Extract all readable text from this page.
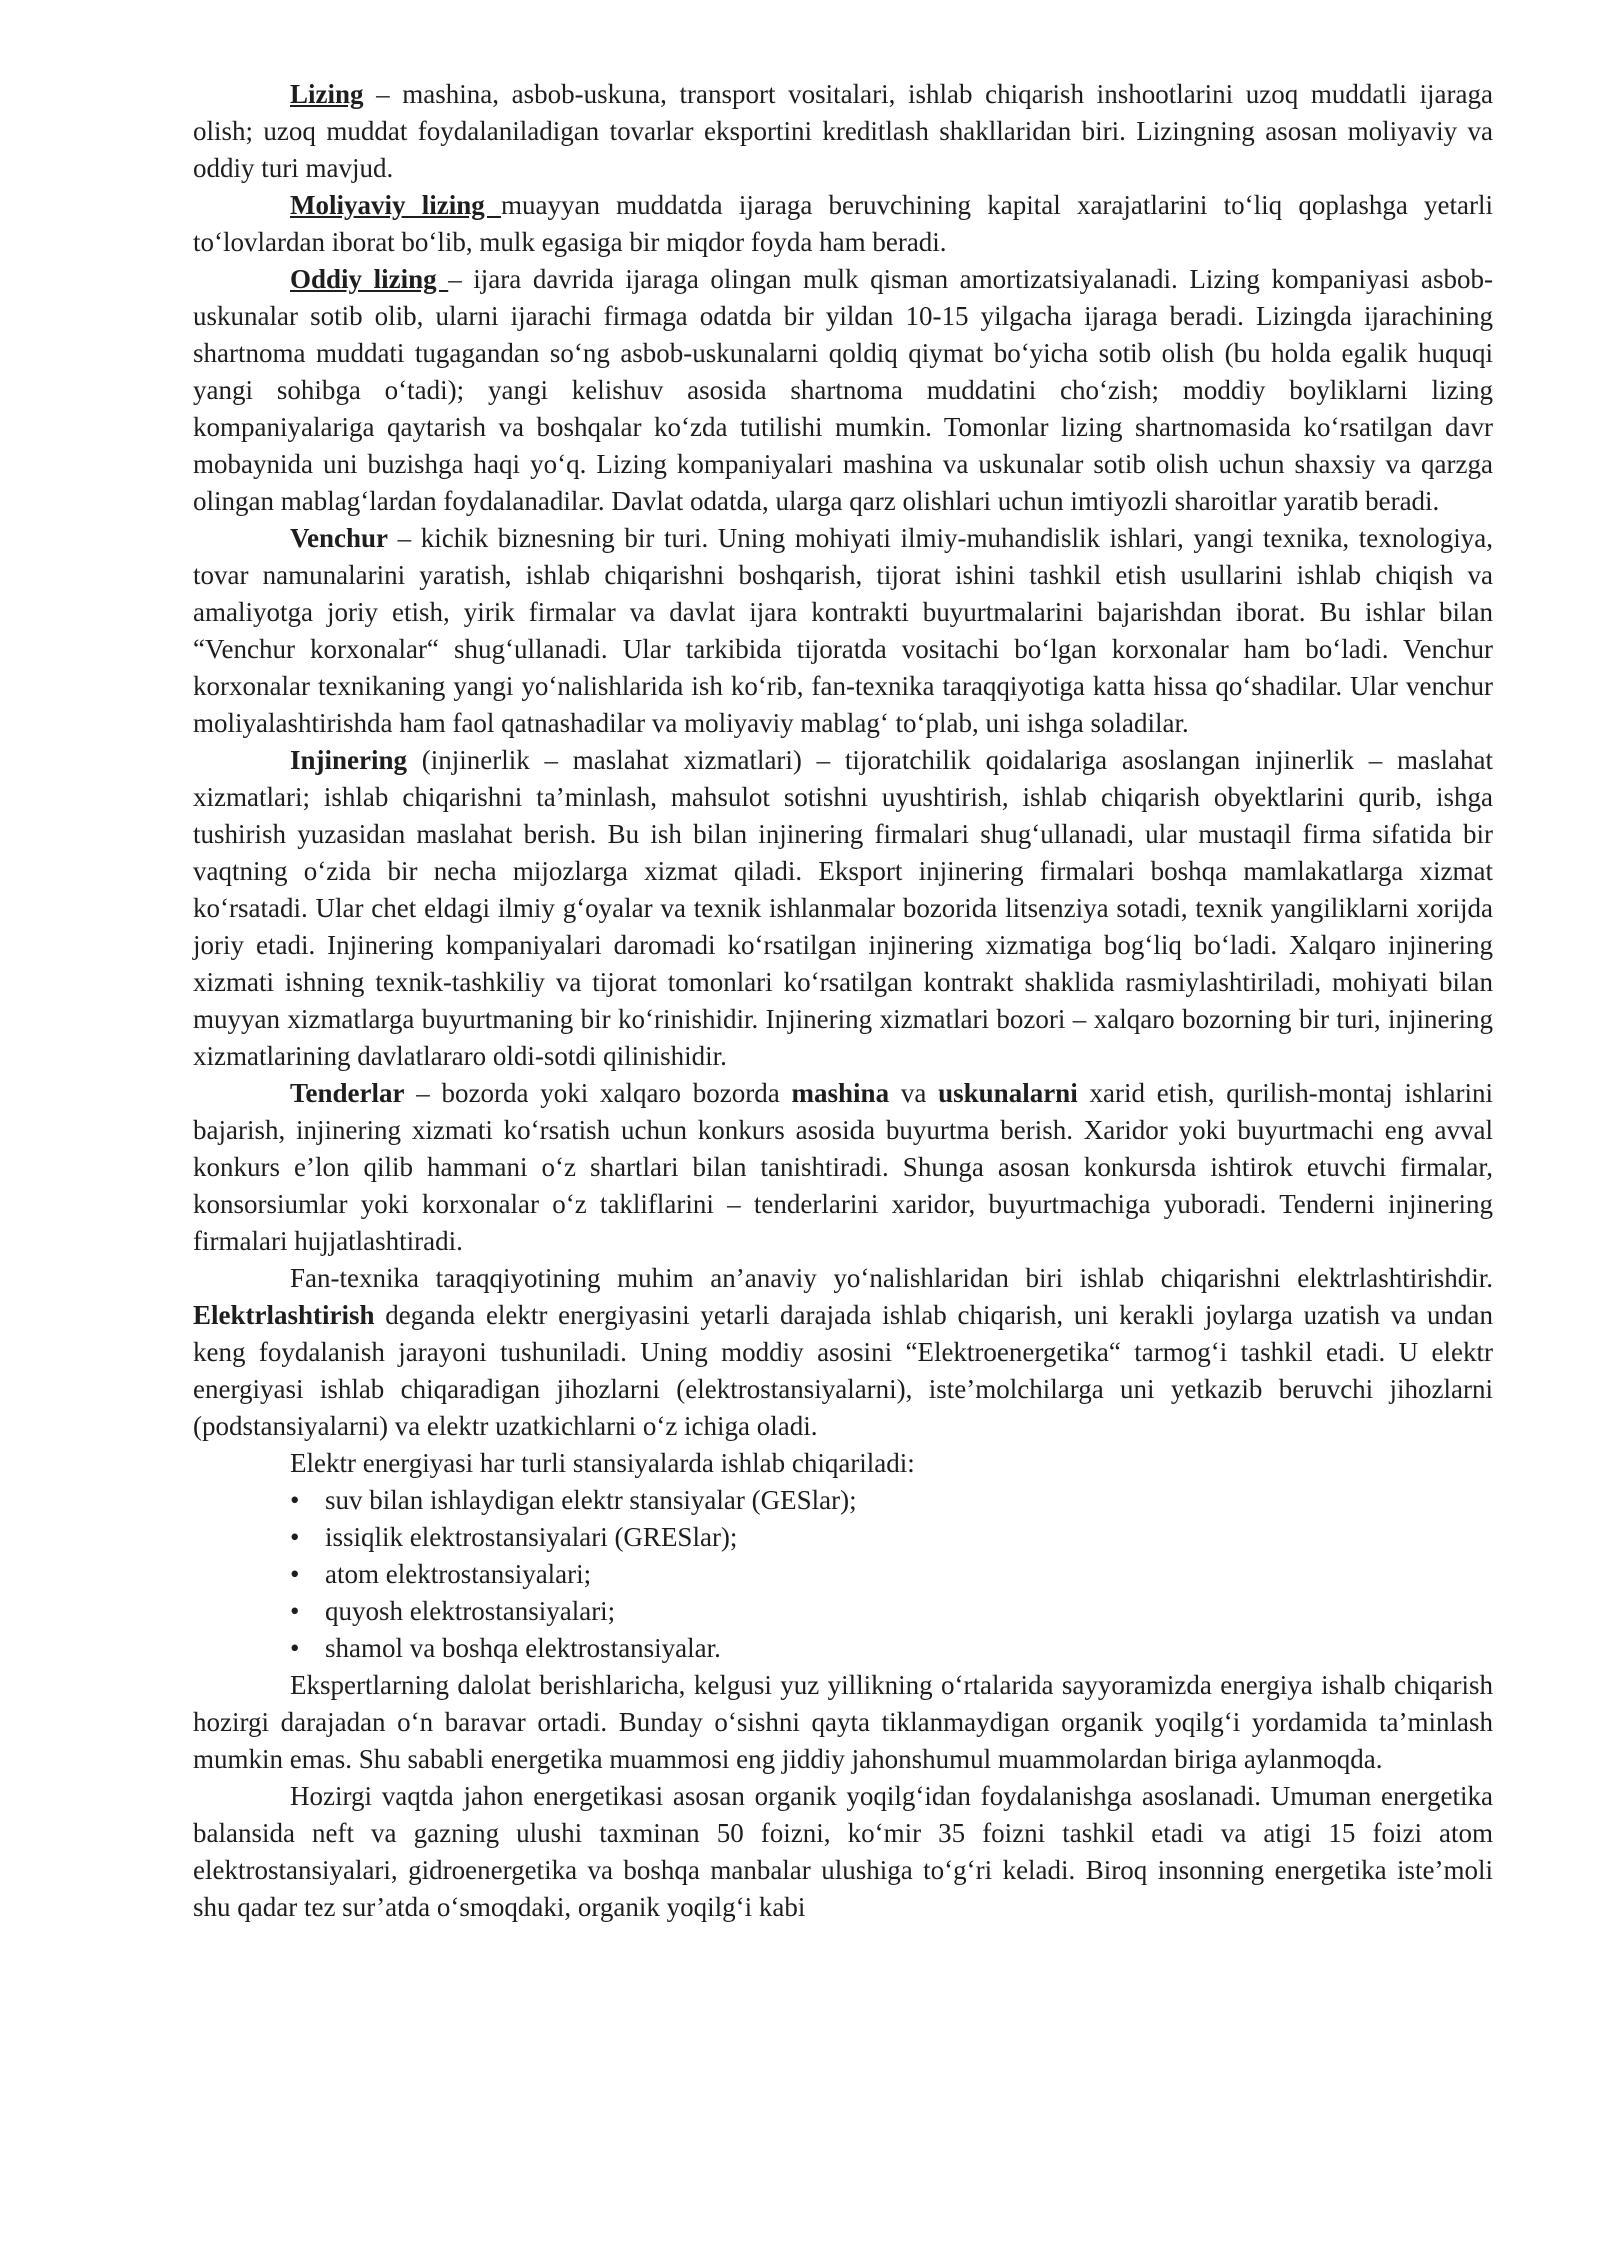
Lizing – mashina, asbob-uskuna, transport vositalari, ishlab chiqarish inshootlarini uzoq muddatli ijaraga olish; uzoq muddat foydalaniladigan tovarlar eksportini kreditlash shakllaridan biri. Lizingning asosan moliyaviy va oddiy turi mavjud.

Moliyaviy lizing muayyan muddatda ijaraga beruvchining kapital xarajatlarini to‘liq qoplashga yetarli to‘lovlardan iborat bo‘lib, mulk egasiga bir miqdor foyda ham beradi.

Oddiy lizing – ijara davrida ijaraga olingan mulk qisman amortizatsiyalanadi. Lizing kompaniyasi asbob-uskunalar sotib olib, ularni ijarachi firmaga odatda bir yildan 10-15 yilgacha ijaraga beradi. Lizingda ijarachining shartnoma muddati tugagandan so‘ng asbob-uskunalarni qoldiq qiymat bo‘yicha sotib olish (bu holda egalik huquqi yangi sohibga o‘tadi); yangi kelishuv asosida shartnoma muddatini cho‘zish; moddiy boyliklarni lizing kompaniyalariga qaytarish va boshqalar ko‘zda tutilishi mumkin. Tomonlar lizing shartnomasida ko‘rsatilgan davr mobaynida uni buzishga haqi yo‘q. Lizing kompaniyalari mashina va uskunalar sotib olish uchun shaxsiy va qarzga olingan mablag‘lardan foydalanadilar. Davlat odatda, ularga qarz olishlari uchun imtiyozli sharoitlar yaratib beradi.

Venchur – kichik biznesning bir turi. Uning mohiyati ilmiy-muhandislik ishlari, yangi texnika, texnologiya, tovar namunalarini yaratish, ishlab chiqarishni boshqarish, tijorat ishini tashkil etish usullarini ishlab chiqish va amaliyotga joriy etish, yirik firmalar va davlat ijara kontrakti buyurtmalarini bajarishdan iborat. Bu ishlar bilan “Venchur korxonalar“ shug‘ullanadi. Ular tarkibida tijoratda vositachi bo‘lgan korxonalar ham bo‘ladi. Venchur korxonalar texnikaning yangi yo‘nalishlarida ish ko‘rib, fan-texnika taraqqiyotiga katta hissa qo‘shadilar. Ular venchur moliyalashtirishda ham faol qatnashadilar va moliyaviy mablag‘ to‘plab, uni ishga soladilar.

Injinering (injinerlik – maslahat xizmatlari) – tijoratchilik qoidalariga asoslangan injinerlik – maslahat xizmatlari; ishlab chiqarishni ta’minlash, mahsulot sotishni uyushtirish, ishlab chiqarish obyektlarini qurib, ishga tushirish yuzasidan maslahat berish. Bu ish bilan injinering firmalari shug‘ullanadi, ular mustaqil firma sifatida bir vaqtning o‘zida bir necha mijozlarga xizmat qiladi. Eksport injinering firmalari boshqa mamlakatlarga xizmat ko‘rsatadi. Ular chet eldagi ilmiy g‘oyalar va texnik ishlanmalar bozorida litsenziya sotadi, texnik yangiliklarni xorijda joriy etadi. Injinering kompaniyalari daromadi ko‘rsatilgan injinering xizmatiga bog‘liq bo‘ladi. Xalqaro injinering xizmati ishning texnik-tashkiliy va tijorat tomonlari ko‘rsatilgan kontrakt shaklida rasmiylashtiriladi, mohiyati bilan muyyan xizmatlarga buyurtmaning bir ko‘rinishidir. Injinering xizmatlari bozori – xalqaro bozorning bir turi, injinering xizmatlarining davlatlararo oldi-sotdi qilinishidir.

Tenderlar – bozorda yoki xalqaro bozorda mashina va uskunalarni xarid etish, qurilish-montaj ishlarini bajarish, injinering xizmati ko‘rsatish uchun konkurs asosida buyurtma berish. Xaridor yoki buyurtmachi eng avval konkurs e’lon qilib hammani o‘z shartlari bilan tanishtiradi. Shunga asosan konkursda ishtirok etuvchi firmalar, konsorsiumlar yoki korxonalar o‘z takliflarini – tenderlarini xaridor, buyurtmachiga yuboradi. Tenderni injinering firmalari hujjatlashtiradi.

Fan-texnika taraqqiyotining muhim an’anaviy yo‘nalishlaridan biri ishlab chiqarishni elektrlashtirishdir. Elektrlashtirish deganda elektr energiyasini yetarli darajada ishlab chiqarish, uni kerakli joylarga uzatish va undan keng foydalanish jarayoni tushuniladi. Uning moddiy asosini “Elektroenergetika“ tarmog‘i tashkil etadi. U elektr energiyasi ishlab chiqaradigan jihozlarni (elektrostansiyalarni), iste’molchilarga uni yetkazib beruvchi jihozlarni (podstansiyalarni) va elektr uzatkichlarni o‘z ichiga oladi.

Elektr energiyasi har turli stansiyalarda ishlab chiqariladi:

• suv bilan ishlaydigan elektr stansiyalar (GESlar);
• issiqlik elektrostansiyalari (GRESlar);
• atom elektrostansiyalari;
• quyosh elektrostansiyalari;
• shamol va boshqa elektrostansiyalar.

Ekspertlarning dalolat berishlaricha, kelgusi yuz yillikning o‘rtalarida sayyoramizda energiya ishalb chiqarish hozirgi darajadan o‘n baravar ortadi. Bunday o‘sishni qayta tiklanmaydigan organik yoqilg‘i yordamida ta’minlash mumkin emas. Shu sababli energetika muammosi eng jiddiy jahonshumul muammolardan biriga aylanmoqda.

Hozirgi vaqtda jahon energetikasi asosan organik yoqilg‘idan foydalanishga asoslanadi. Umuman energetika balansida neft va gazning ulushi taxminan 50 foizni, ko‘mir 35 foizni tashkil etadi va atigi 15 foizi atom elektrostansiyalari, gidroenergetika va boshqa manbalar ulushiga to‘g‘ri keladi. Biroq insonning energetika iste’moli shu qadar tez sur’atda o‘smoqdaki, organik yoqilg‘i kabi
